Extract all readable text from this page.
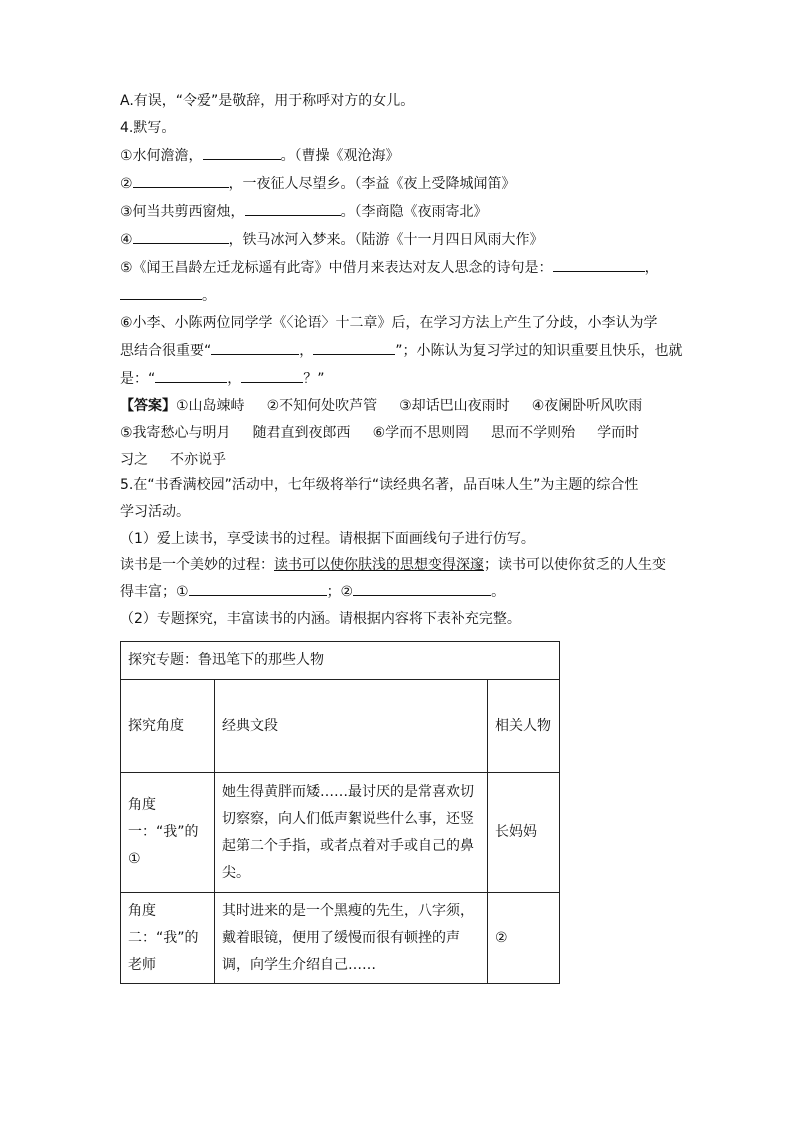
A.有误，“令爱”是敬辞，用于称呼对方的女儿。

4.默写。

①水何澹澹，	。（曹操《观沧海》

②	，一夜征人尽望乡。（李益《夜上受降城闻笛》

③何当共剪西窗烛，	。（李商隐《夜雨寄北》

④	，铁马冰河入梦来。（陆游《十一月四日风雨大作》

⑤《闻王昌龄左迁龙标遥有此寄》中借月来表达对友人思念的诗句是：	，

。

⑥小李、小陈两位同学学《〈论语〉十二章》后，在学习方法上产生了分歧，小李认为学

思结合很重要“	，	”；小陈认为复习学过的知识重要且快乐，也就

是：“	，	？”

【答案】①山岛竦峙 ②不知何处吹芦管 ③却话巴山夜雨时 ④夜阑卧听风吹雨
⑤我寄愁心与明月 随君直到夜郎西 ⑥学而不思则罔 思而不学则殆 学而时
习之 不亦说乎

5.在“书香满校园”活动中，七年级将举行“读经典名著，品百味人生”为主题的综合性
学习活动。

（1）爱上读书，享受读书的过程。请根据下面画线句子进行仿写。

读书是一个美妙的过程：读书可以使你肤浅的思想变得深邃；读书可以使你贫乏的人生变
得丰富；①	；②	。

（2）专题探究，丰富读书的内涵。请根据内容将下表补充完整。

探究专题：鲁迅笔下的那些人物		
探究角度	经典文段	相关人物
角度一：“我”的①	她生得黄胖而矮……最讨厌的是常喜欢切切察察，向人们低声絮说些什么事，还竖起第二个手指，或者点着对手或自己的鼻尖。	长妈妈
角度二：“我”的老师	其时进来的是一个黑瘦的先生，八字须，戴着眼镜，便用了缓慢而很有顿挫的声调，向学生介绍自己……	②
